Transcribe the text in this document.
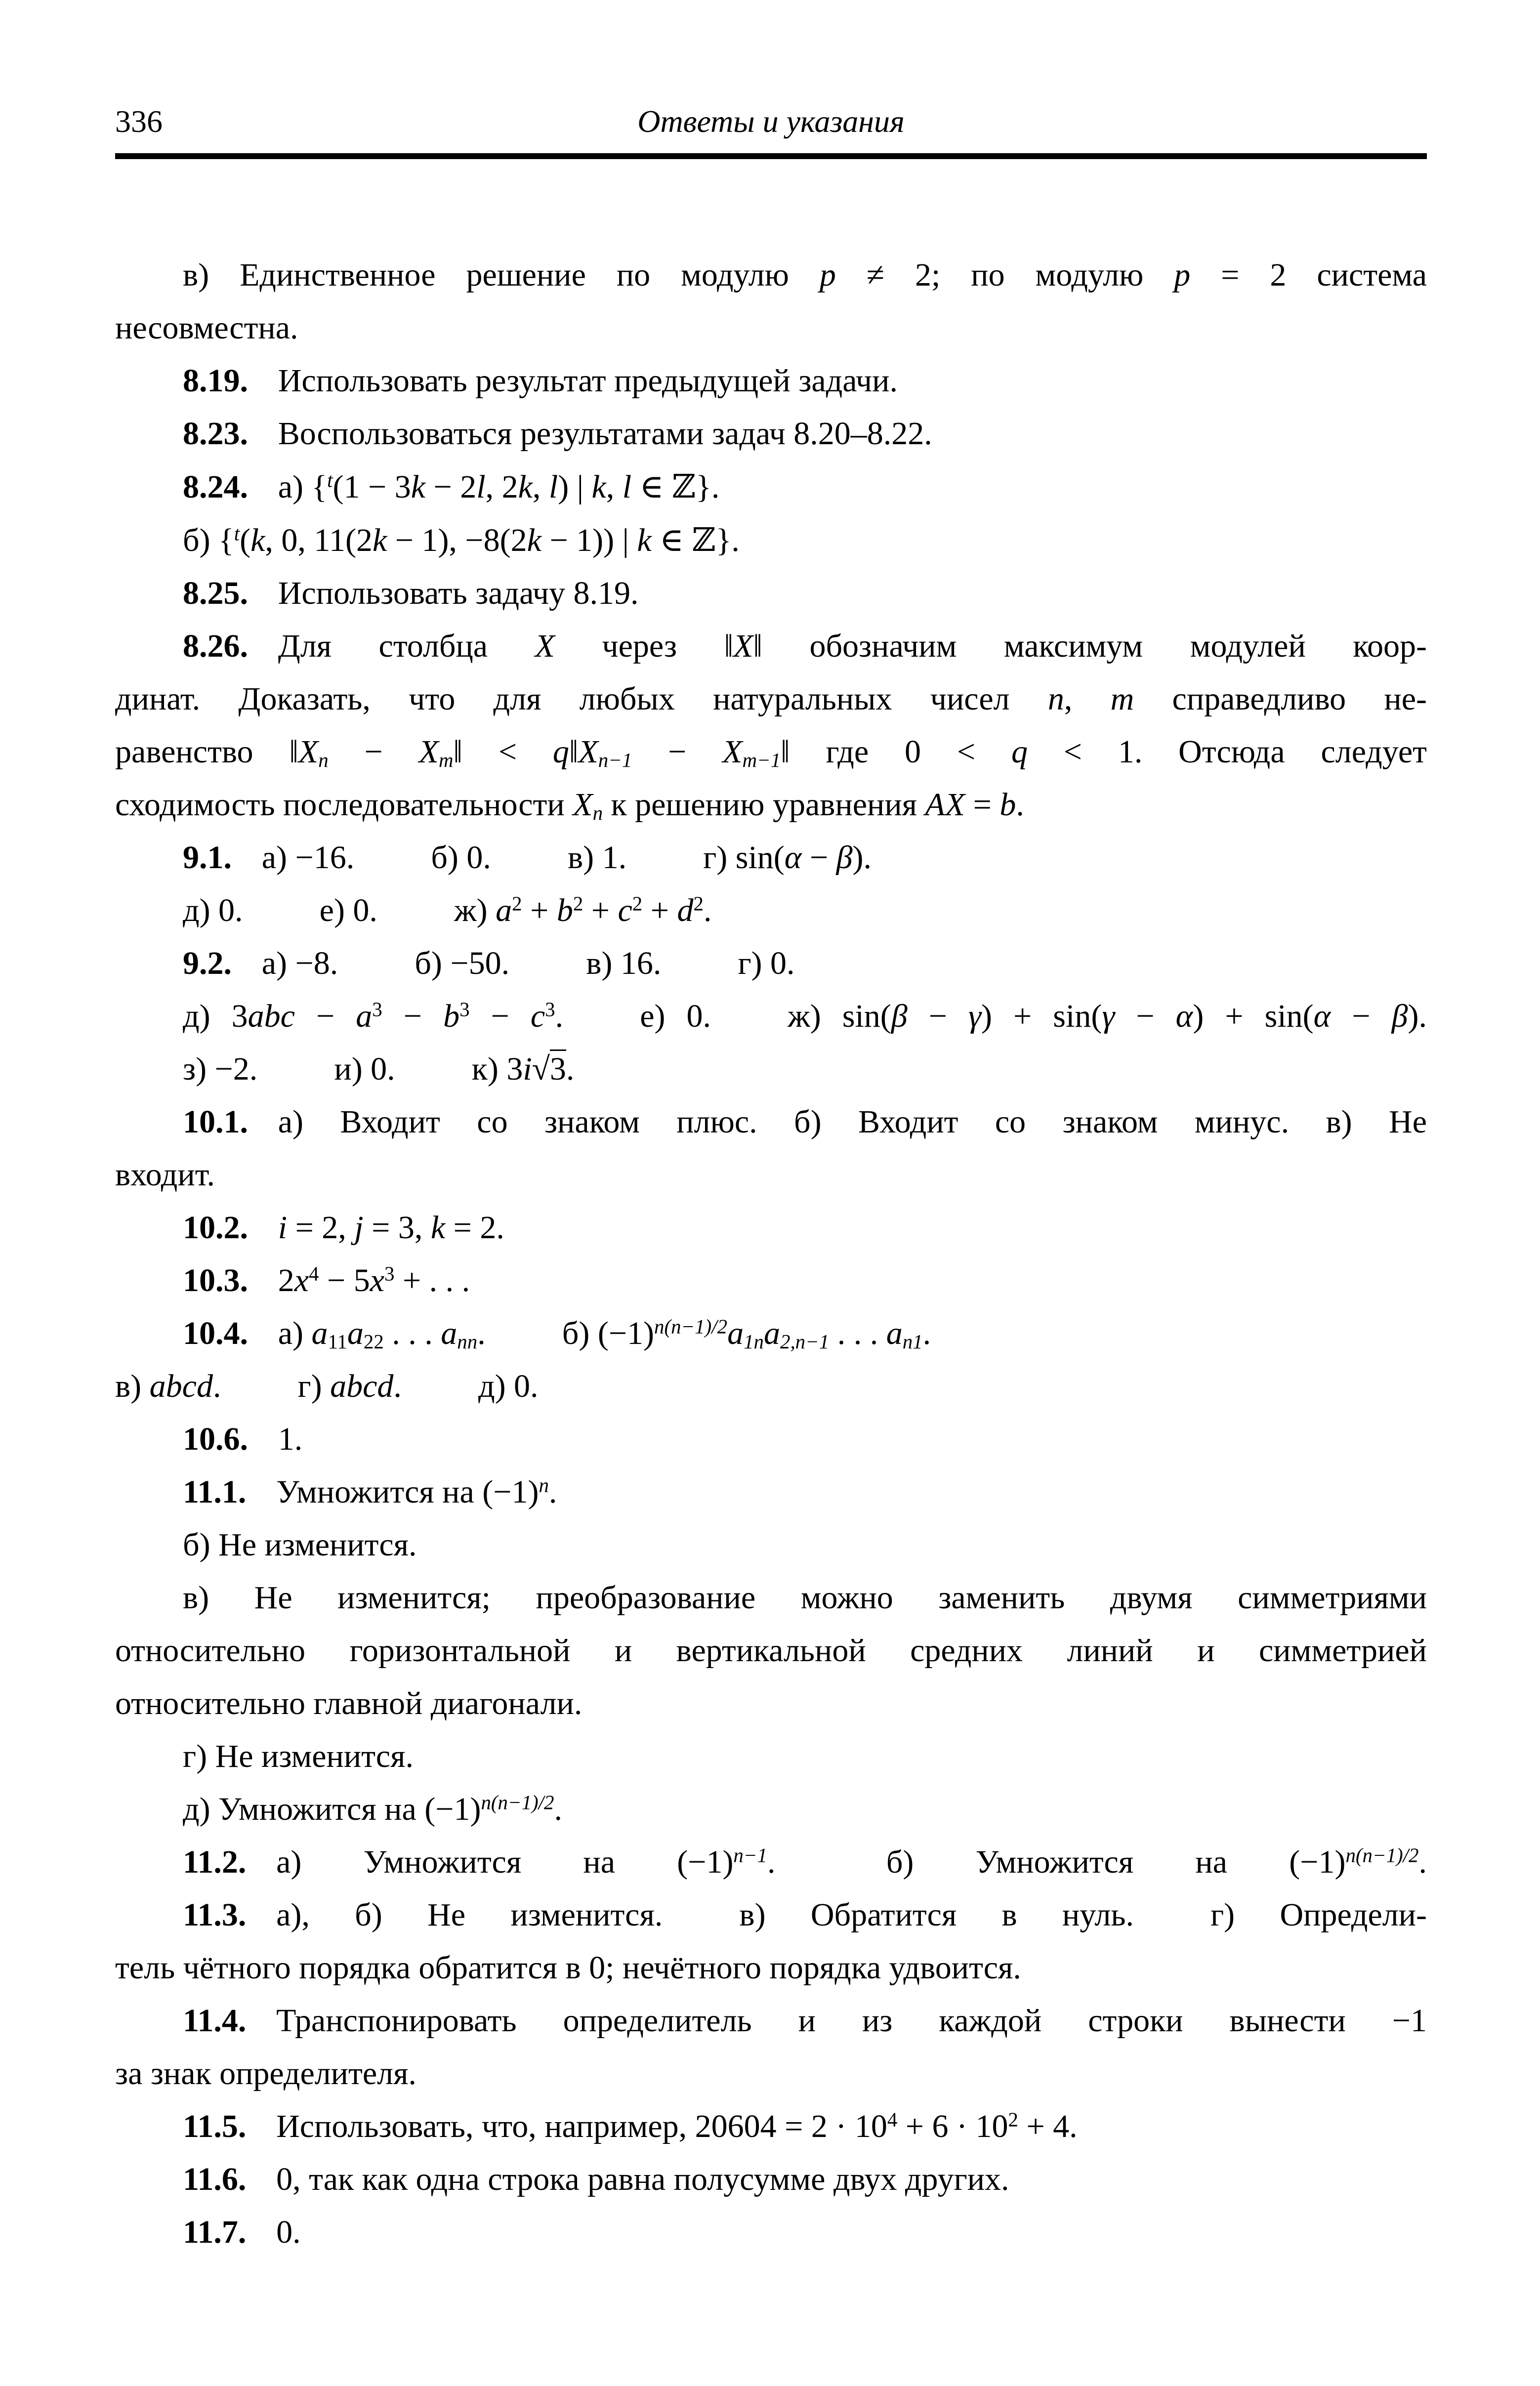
336	Ответы и указания
в) Единственное решение по модулю p ≠ 2; по модулю p = 2 система
несовместна.
8.19. Использовать результат предыдущей задачи.
8.23. Воспользоваться результатами задач 8.20–8.22.
8.24. а) {$^t$(1 − 3k − 2l, 2k, l) | k, l ∈ ℤ}.
б) {$^t$(k, 0, 11(2k − 1), −8(2k − 1)) | k ∈ ℤ}.
8.25. Использовать задачу 8.19.
8.26. Для столбца X через ‖X‖ обозначим максимум модулей коор-
динат. Доказать, что для любых натуральных чисел n, m справедливо не-
равенство ‖Xn − Xm‖ < q‖Xn−1 − Xm−1‖ где 0 < q < 1. Отсюда следует
сходимость последовательности Xn к решению уравнения AX = b.
9.1. а) −16. б) 0. в) 1. г) sin(α − β).
д) 0. е) 0. ж) $a^2 + b^2 + c^2 + d^2$.
9.2. а) −8. б) −50. в) 16. г) 0.
д) $3abc - a^3 - b^3 - c^3$. е) 0. ж) sin(β − γ) + sin(γ − α) + sin(α − β).
з) −2. и) 0. к) 3i√3.
10.1. а) Входит со знаком плюс. б) Входит со знаком минус. в) Не
входит.
10.2. i = 2, j = 3, k = 2.
10.3. $2x^4 - 5x^3$ + . . .
10.4. а) a11a22 . . . ann. б) $(-1)^{n(n-1)/2}a1na2,n-1$ . . . an1.
в) abcd. г) abcd. д) 0.
10.6. 1.
11.1. Умножится на $(-1)^n$.
б) Не изменится.
в) Не изменится; преобразование можно заменить двумя симметриями
относительно горизонтальной и вертикальной средних линий и симметрией
относительно главной диагонали.
г) Не изменится.
д) Умножится на $(-1)^{n(n-1)/2}$.
11.2. а) Умножится на $(-1)^{n-1}$.	б) Умножится на $(-1)^{n(n-1)/2}$.
11.3. а), б) Не изменится. в) Обратится в нуль. г) Определи-
тель чётного порядка обратится в 0; нечётного порядка удвоится.
11.4. Транспонировать определитель и из каждой строки вынести −1
за знак определителя.
11.5. Использовать, что, например, $20604 = 2 \cdot 10^4 + 6 \cdot 10^2 + 4$.
11.6. 0, так как одна строка равна полусумме двух других.
11.7. 0.
